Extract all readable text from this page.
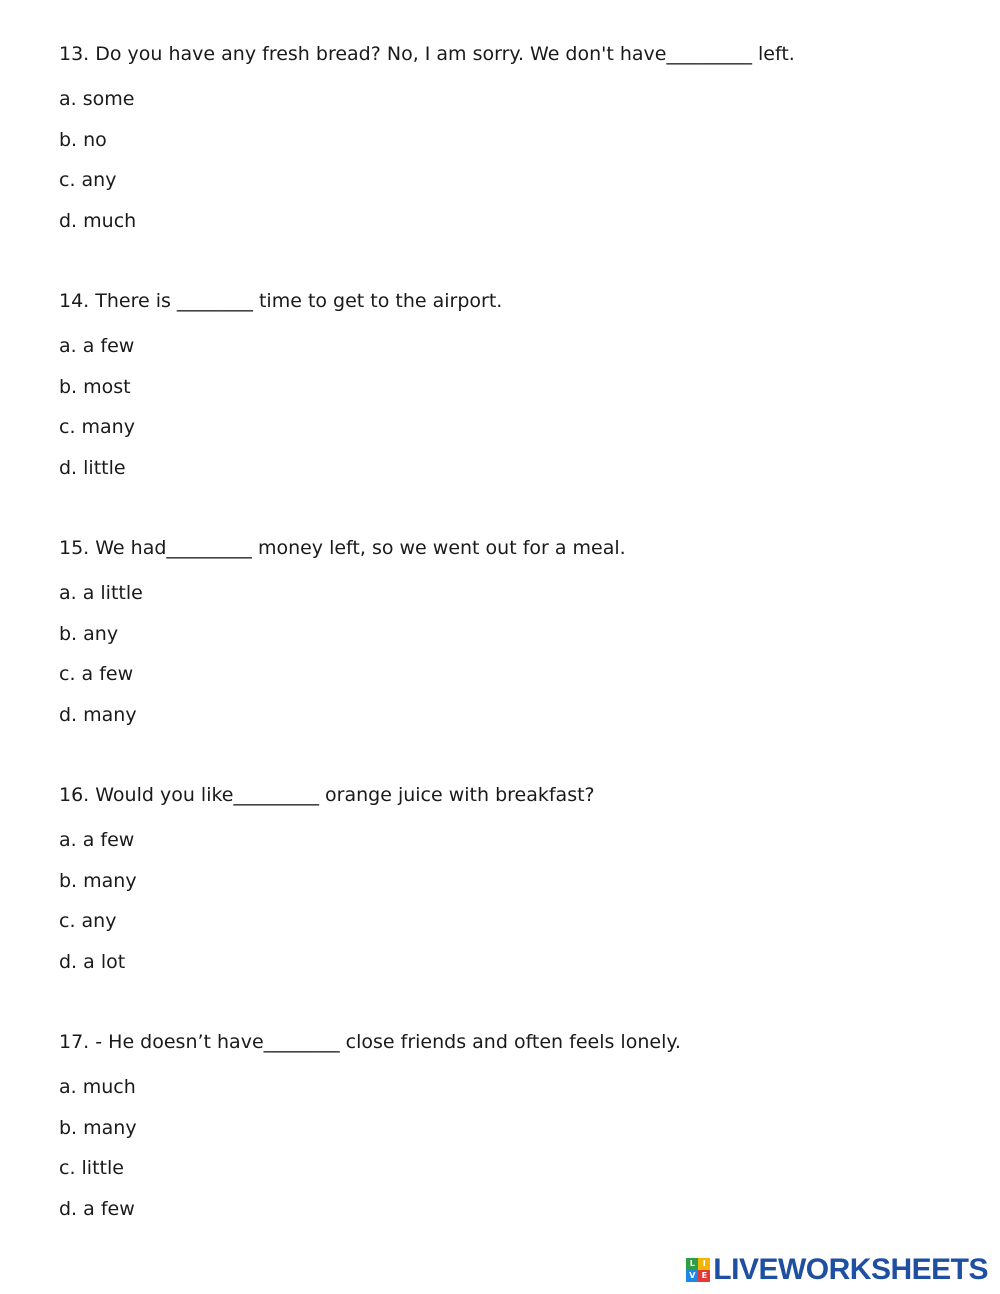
13. Do you have any fresh bread? No, I am sorry. We don't have_________ left.
a. some
b. no
c. any
d. much
14. There is ________ time to get to the airport.
a. a few
b. most
c. many
d. little
15. We had_________ money left, so we went out for a meal.
a. a little
b. any
c. a few
d. many
16. Would you like_________ orange juice with breakfast?
a. a few
b. many
c. any
d. a lot
17. - He doesn’t have________ close friends and often feels lonely.
a. much
b. many
c. little
d. a few
L I
V E LIVEWORKSHEETS
